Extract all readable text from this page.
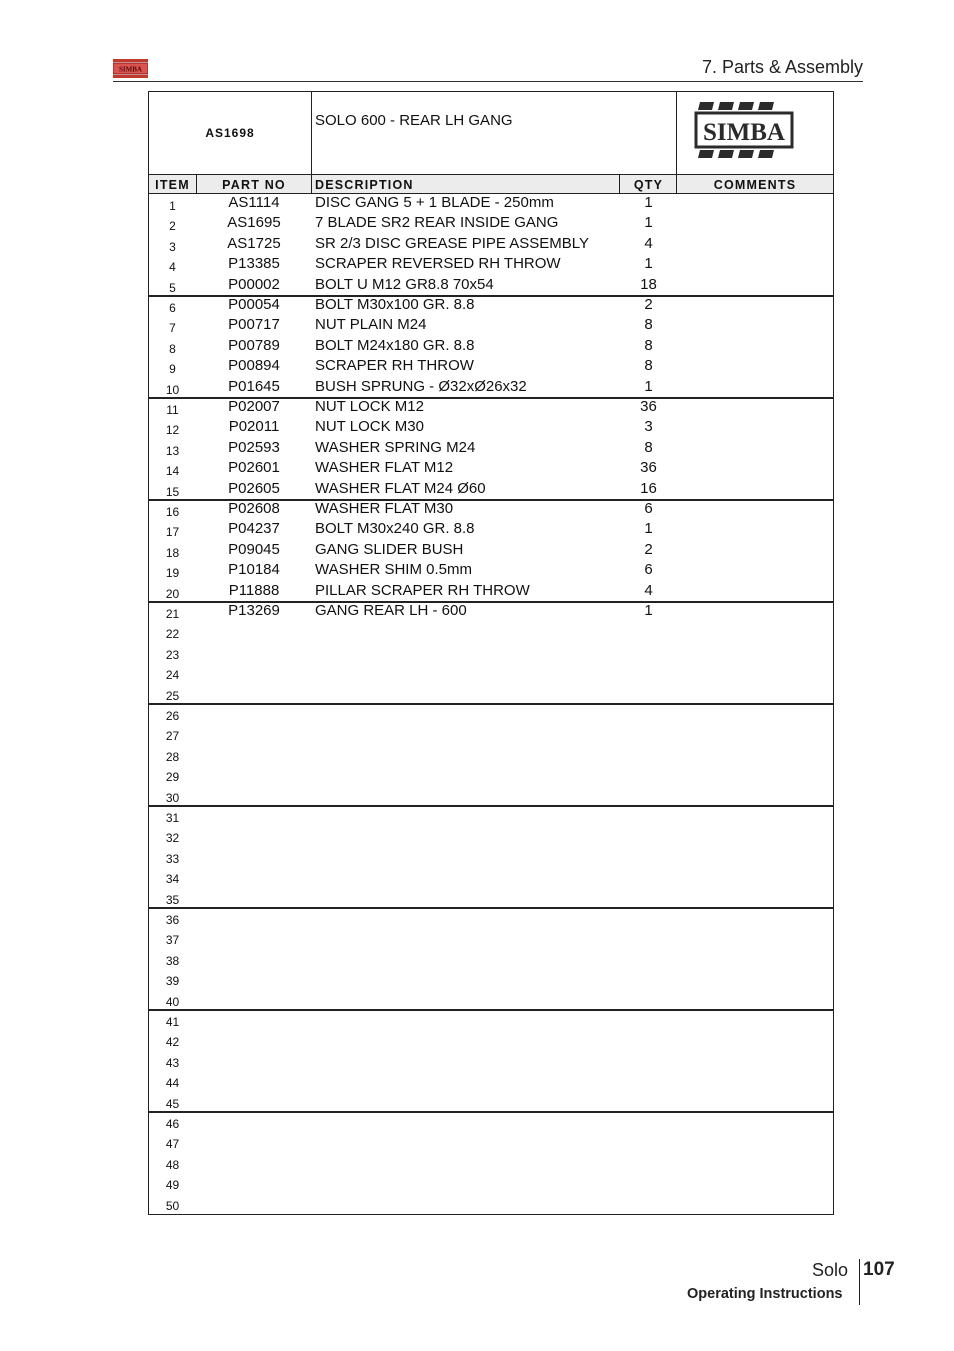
SIMBA	7. Parts & Assembly
AS1698
SOLO 600 - REAR LH GANG	SIMBA
ITEM	PART NO	DESCRIPTION	QTY	COMMENTS
1	AS1114	DISC GANG 5 + 1 BLADE - 250mm	1
2	AS1695	7 BLADE SR2 REAR INSIDE GANG	1
3	AS1725	SR 2/3 DISC GREASE PIPE ASSEMBLY	4
4	P13385	SCRAPER REVERSED RH THROW	1
5	P00002	BOLT U M12 GR8.8 70x54	18
6	P00054	BOLT M30x100 GR. 8.8	2
7	P00717	NUT PLAIN M24	8
8	P00789	BOLT M24x180 GR. 8.8	8
9	P00894	SCRAPER RH THROW	8
10	P01645	BUSH SPRUNG - Ø32xØ26x32	1
11	P02007	NUT LOCK M12	36
12	P02011	NUT LOCK M30	3
13	P02593	WASHER SPRING M24	8
14	P02601	WASHER FLAT M12	36
15	P02605	WASHER FLAT M24 Ø60	16
16	P02608	WASHER FLAT M30	6
17	P04237	BOLT M30x240 GR. 8.8	1
18	P09045	GANG SLIDER BUSH	2
19	P10184	WASHER SHIM 0.5mm	6
20	P11888	PILLAR SCRAPER RH THROW	4
21	P13269	GANG REAR LH - 600	1
22
23
24
25
26
27
28
29
30
31
32
33
34
35
36
37
38
39
40
41
42
43
44
45
46
47
48
49
50
Solo 107
Operating Instructions
